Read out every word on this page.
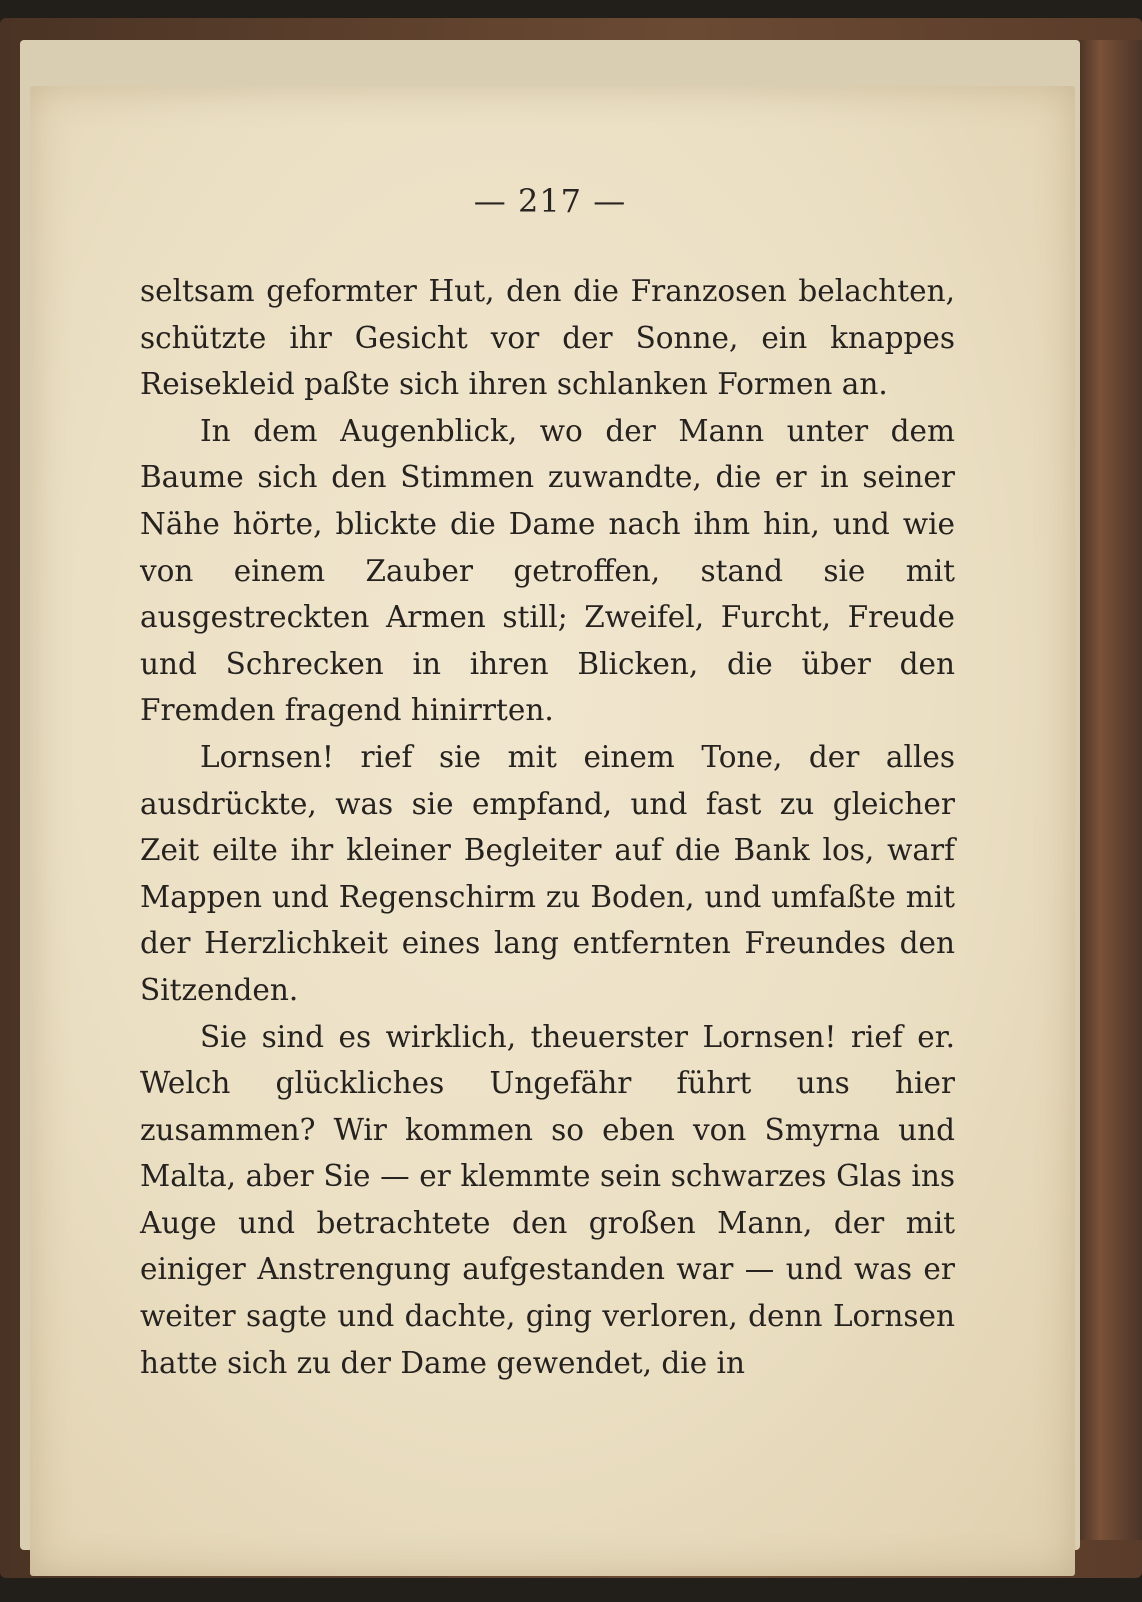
— 217 —

seltsam geformter Hut, den die Franzosen belachten, schützte ihr Gesicht vor der Sonne, ein knappes Reisekleid paßte sich ihren schlanken Formen an.

In dem Augenblick, wo der Mann unter dem Baume sich den Stimmen zuwandte, die er in seiner Nähe hörte, blickte die Dame nach ihm hin, und wie von einem Zauber getroffen, stand sie mit ausgestreckten Armen still; Zweifel, Furcht, Freude und Schrecken in ihren Blicken, die über den Fremden fragend hinirrten.

Lornsen! rief sie mit einem Tone, der alles ausdrückte, was sie empfand, und fast zu gleicher Zeit eilte ihr kleiner Begleiter auf die Bank los, warf Mappen und Regenschirm zu Boden, und umfaßte mit der Herzlichkeit eines lang entfernten Freundes den Sitzenden.

Sie sind es wirklich, theuerster Lornsen! rief er. Welch glückliches Ungefähr führt uns hier zusammen? Wir kommen so eben von Smyrna und Malta, aber Sie — er klemmte sein schwarzes Glas ins Auge und betrachtete den großen Mann, der mit einiger Anstrengung aufgestanden war — und was er weiter sagte und dachte, ging verloren, denn Lornsen hatte sich zu der Dame gewendet, die in
